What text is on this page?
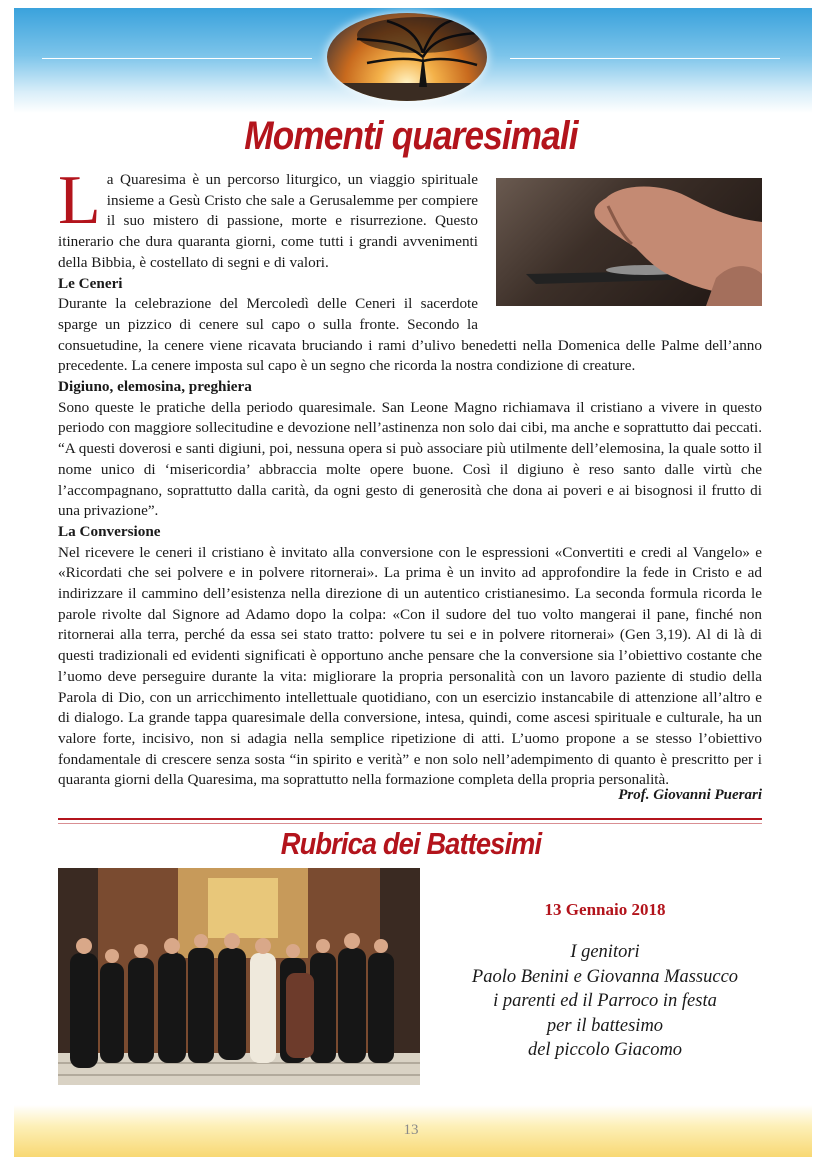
Momenti quaresimali

La Quaresima è un percorso liturgico, un viaggio spirituale insieme a Gesù Cristo che sale a Gerusalemme per compiere il suo mistero di passione, morte e risurrezione. Questo itinerario che dura quaranta giorni, come tutti i grandi avvenimenti della Bibbia, è costellato di segni e di valori.

Le Ceneri

Durante la celebrazione del Mercoledì delle Ceneri il sacerdote sparge un pizzico di cenere sul capo o sulla fronte. Secondo la consuetudine, la cenere viene ricavata bruciando i rami d’ulivo benedetti nella Domenica delle Palme dell’anno precedente. La cenere imposta sul capo è un segno che ricorda la nostra condizione di creature.

Digiuno, elemosina, preghiera

Sono queste le pratiche della periodo quaresimale. San Leone Magno richiamava il cristiano a vivere in questo periodo con maggiore sollecitudine e devozione nell’astinenza non solo dai cibi, ma anche e soprattutto dai peccati. “A questi doverosi e santi digiuni, poi, nessuna opera si può associare più utilmente dell’elemosina, la quale sotto il nome unico di ‘misericordia’ abbraccia molte opere buone. Così il digiuno è reso santo dalle virtù che l’accompagnano, soprattutto dalla carità, da ogni gesto di generosità che dona ai poveri e ai bisognosi il frutto di una privazione”.

La Conversione

Nel ricevere le ceneri il cristiano è invitato alla conversione con le espressioni «Convertiti e credi al Vangelo» e «Ricordati che sei polvere e in polvere ritornerai». La prima è un invito ad approfondire la fede in Cristo e ad indirizzare il cammino dell’esistenza nella direzione di un autentico cristianesimo. La seconda formula ricorda le parole rivolte dal Signore ad Adamo dopo la colpa: «Con il sudore del tuo volto mangerai il pane, finché non ritornerai alla terra, perché da essa sei stato tratto: polvere tu sei e in polvere ritornerai» (Gen 3,19). Al di là di questi tradizionali ed evidenti significati è opportuno anche pensare che la conversione sia l’obiettivo costante che l’uomo deve perseguire durante la vita: migliorare la propria personalità con un lavoro paziente di studio della Parola di Dio, con un arricchimento intellettuale quotidiano, con un esercizio instancabile di attenzione all’altro e di dialogo. La grande tappa quaresimale della conversione, intesa, quindi, come ascesi spirituale e culturale, ha un valore forte, incisivo, non si adagia nella semplice ripetizione di atti. L’uomo propone a se stesso l’obiettivo fondamentale di crescere senza sosta “in spirito e verità” e non solo nell’adempimento di quanto è prescritto per i quaranta giorni della Quaresima, ma soprattutto nella formazione completa della propria personalità.

Prof. Giovanni Puerari
Rubrica dei Battesimi
13 Gennaio 2018
I genitori
Paolo Benini e Giovanna Massucco
i parenti ed il Parroco in festa
per il battesimo
del piccolo Giacomo
13
